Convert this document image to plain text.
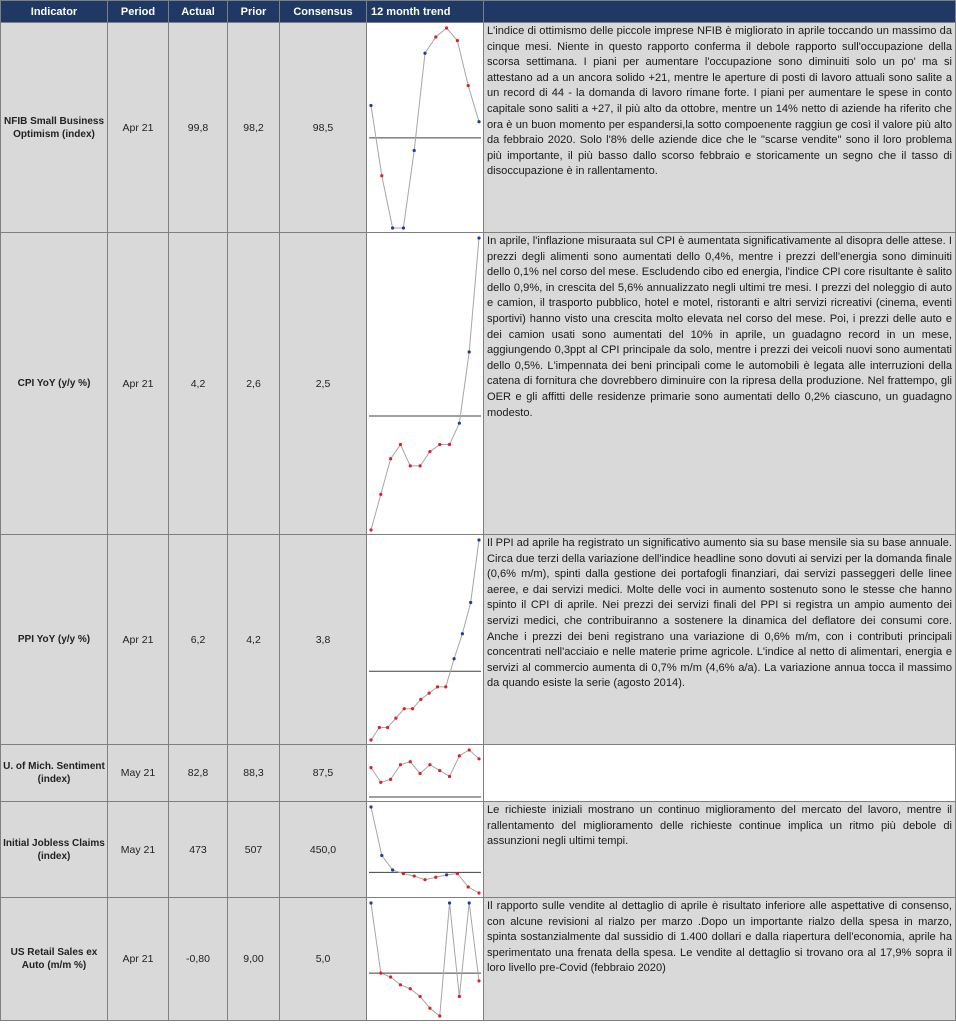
Indicator	Period	Actual	Prior	Consensus	12 month trend	
NFIB Small Business Optimism (index)	Apr 21	99,8	98,2	98,5		L'indice di ottimismo delle piccole imprese NFIB è migliorato in aprile toccando un massimo da cinque mesi. Niente in questo rapporto conferma il debole rapporto sull'occupazione della scorsa settimana. I piani per aumentare l'occupazione sono diminuiti solo un po' ma si attestano ad a un ancora solido +21, mentre le aperture di posti di lavoro attuali sono salite a un record di 44 - la domanda di lavoro rimane forte. I piani per aumentare le spese in conto capitale sono saliti a +27, il più alto da ottobre, mentre un 14% netto di aziende ha riferito che ora è un buon momento per espandersi,la sotto compoenente raggiun ge così il valore più alto da febbraio 2020. Solo l'8% delle aziende dice che le "scarse vendite" sono il loro problema più importante, il più basso dallo scorso febbraio e storicamente un segno che il tasso di disoccupazione è in rallentamento.
CPI YoY (y/y %)	Apr 21	4,2	2,6	2,5		In aprile, l'inflazione misuraata sul CPI è aumentata significativamente al disopra delle attese. I prezzi degli alimenti sono aumentati dello 0,4%, mentre i prezzi dell'energia sono diminuiti dello 0,1% nel corso del mese. Escludendo cibo ed energia, l'indice CPI core risultante è salito dello 0,9%, in crescita del 5,6% annualizzato negli ultimi tre mesi. I prezzi del noleggio di auto e camion, il trasporto pubblico, hotel e motel, ristoranti e altri servizi ricreativi (cinema, eventi sportivi) hanno visto una crescita molto elevata nel corso del mese. Poi, i prezzi delle auto e dei camion usati sono aumentati del 10% in aprile, un guadagno record in un mese, aggiungendo 0,3ppt al CPI principale da solo, mentre i prezzi dei veicoli nuovi sono aumentati dello 0,5%. L'impennata dei beni principali come le automobili è legata alle interruzioni della catena di fornitura che dovrebbero diminuire con la ripresa della produzione. Nel frattempo, gli OER e gli affitti delle residenze primarie sono aumentati dello 0,2% ciascuno, un guadagno modesto.
PPI YoY (y/y %)	Apr 21	6,2	4,2	3,8		Il PPI ad aprile ha registrato un significativo aumento sia su base mensile sia su base annuale. Circa due terzi della variazione dell'indice headline sono dovuti ai servizi per la domanda finale (0,6% m/m), spinti dalla gestione dei portafogli finanziari, dai servizi passeggeri delle linee aeree, e dai servizi medici. Molte delle voci in aumento sostenuto sono le stesse che hanno spinto il CPI di aprile. Nei prezzi dei servizi finali del PPI si registra un ampio aumento dei servizi medici, che contribuiranno a sostenere la dinamica del deflatore dei consumi core. Anche i prezzi dei beni registrano una variazione di 0,6% m/m, con i contributi principali concentrati nell'acciaio e nelle materie prime agricole. L'indice al netto di alimentari, energia e servizi al commercio aumenta di 0,7% m/m (4,6% a/a). La variazione annua tocca il massimo da quando esiste la serie (agosto 2014).
U. of Mich. Sentiment (index)	May 21	82,8	88,3	87,5	

Initial Jobless Claims (index)	May 21	473	507	450,0		Le richieste iniziali mostrano un continuo miglioramento del mercato del lavoro, mentre il rallentamento del miglioramento delle richieste continue implica un ritmo più debole di assunzioni negli ultimi tempi.
US Retail Sales ex Auto (m/m %)	Apr 21	-0,80	9,00	5,0		Il rapporto sulle vendite al dettaglio di aprile è risultato inferiore alle aspettative di consenso, con alcune revisioni al rialzo per marzo .Dopo un importante rialzo della spesa in marzo, spinta sostanzialmente dal sussidio di 1.400 dollari e dalla riapertura dell'economia, aprile ha sperimentato una frenata della spesa. Le vendite al dettaglio si trovano ora al 17,9% sopra il loro livello pre-Covid (febbraio 2020)
